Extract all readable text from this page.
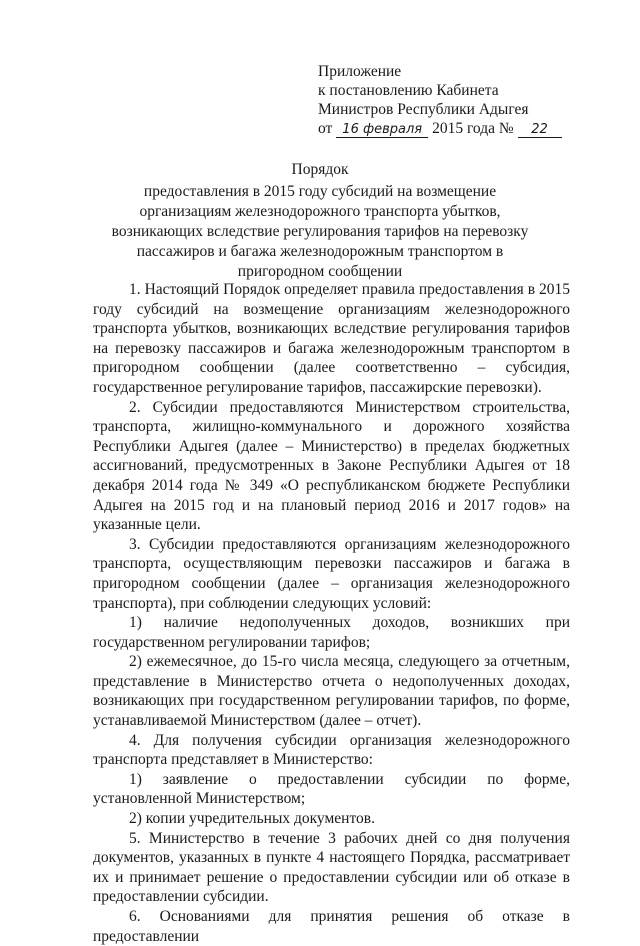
Приложение
к постановлению Кабинета
Министров Республики Адыгея
от 16 февраля 2015 года № 22
Порядок
предоставления в 2015 году субсидий на возмещение организациям железнодорожного транспорта убытков, возникающих вследствие регулирования тарифов на перевозку пассажиров и багажа железнодорожным транспортом в пригородном сообщении

1. Настоящий Порядок определяет правила предоставления в 2015 году субсидий на возмещение организациям железнодорожного транспорта убытков, возникающих вследствие регулирования тарифов на перевозку пассажиров и багажа железнодорожным транспортом в пригородном сообщении (далее соответственно – субсидия, государственное регулирование тарифов, пассажирские перевозки).

2. Субсидии предоставляются Министерством строительства, транспорта, жилищно-коммунального и дорожного хозяйства Республики Адыгея (далее – Министерство) в пределах бюджетных ассигнований, предусмотренных в Законе Республики Адыгея от 18 декабря 2014 года № 349 «О республиканском бюджете Республики Адыгея на 2015 год и на плановый период 2016 и 2017 годов» на указанные цели.

3. Субсидии предоставляются организациям железнодорожного транспорта, осуществляющим перевозки пассажиров и багажа в пригородном сообщении (далее – организация железнодорожного транспорта), при соблюдении следующих условий:

1) наличие недополученных доходов, возникших при государственном регулировании тарифов;

2) ежемесячное, до 15-го числа месяца, следующего за отчетным, представление в Министерство отчета о недополученных доходах, возникающих при государственном регулировании тарифов, по форме, устанавливаемой Министерством (далее – отчет).

4. Для получения субсидии организация железнодорожного транспорта представляет в Министерство:

1) заявление о предоставлении субсидии по форме, установленной Министерством;

2) копии учредительных документов.

5. Министерство в течение 3 рабочих дней со дня получения документов, указанных в пункте 4 настоящего Порядка, рассматривает их и принимает решение о предоставлении субсидии или об отказе в предоставлении субсидии.

6. Основаниями для принятия решения об отказе в предоставлении
